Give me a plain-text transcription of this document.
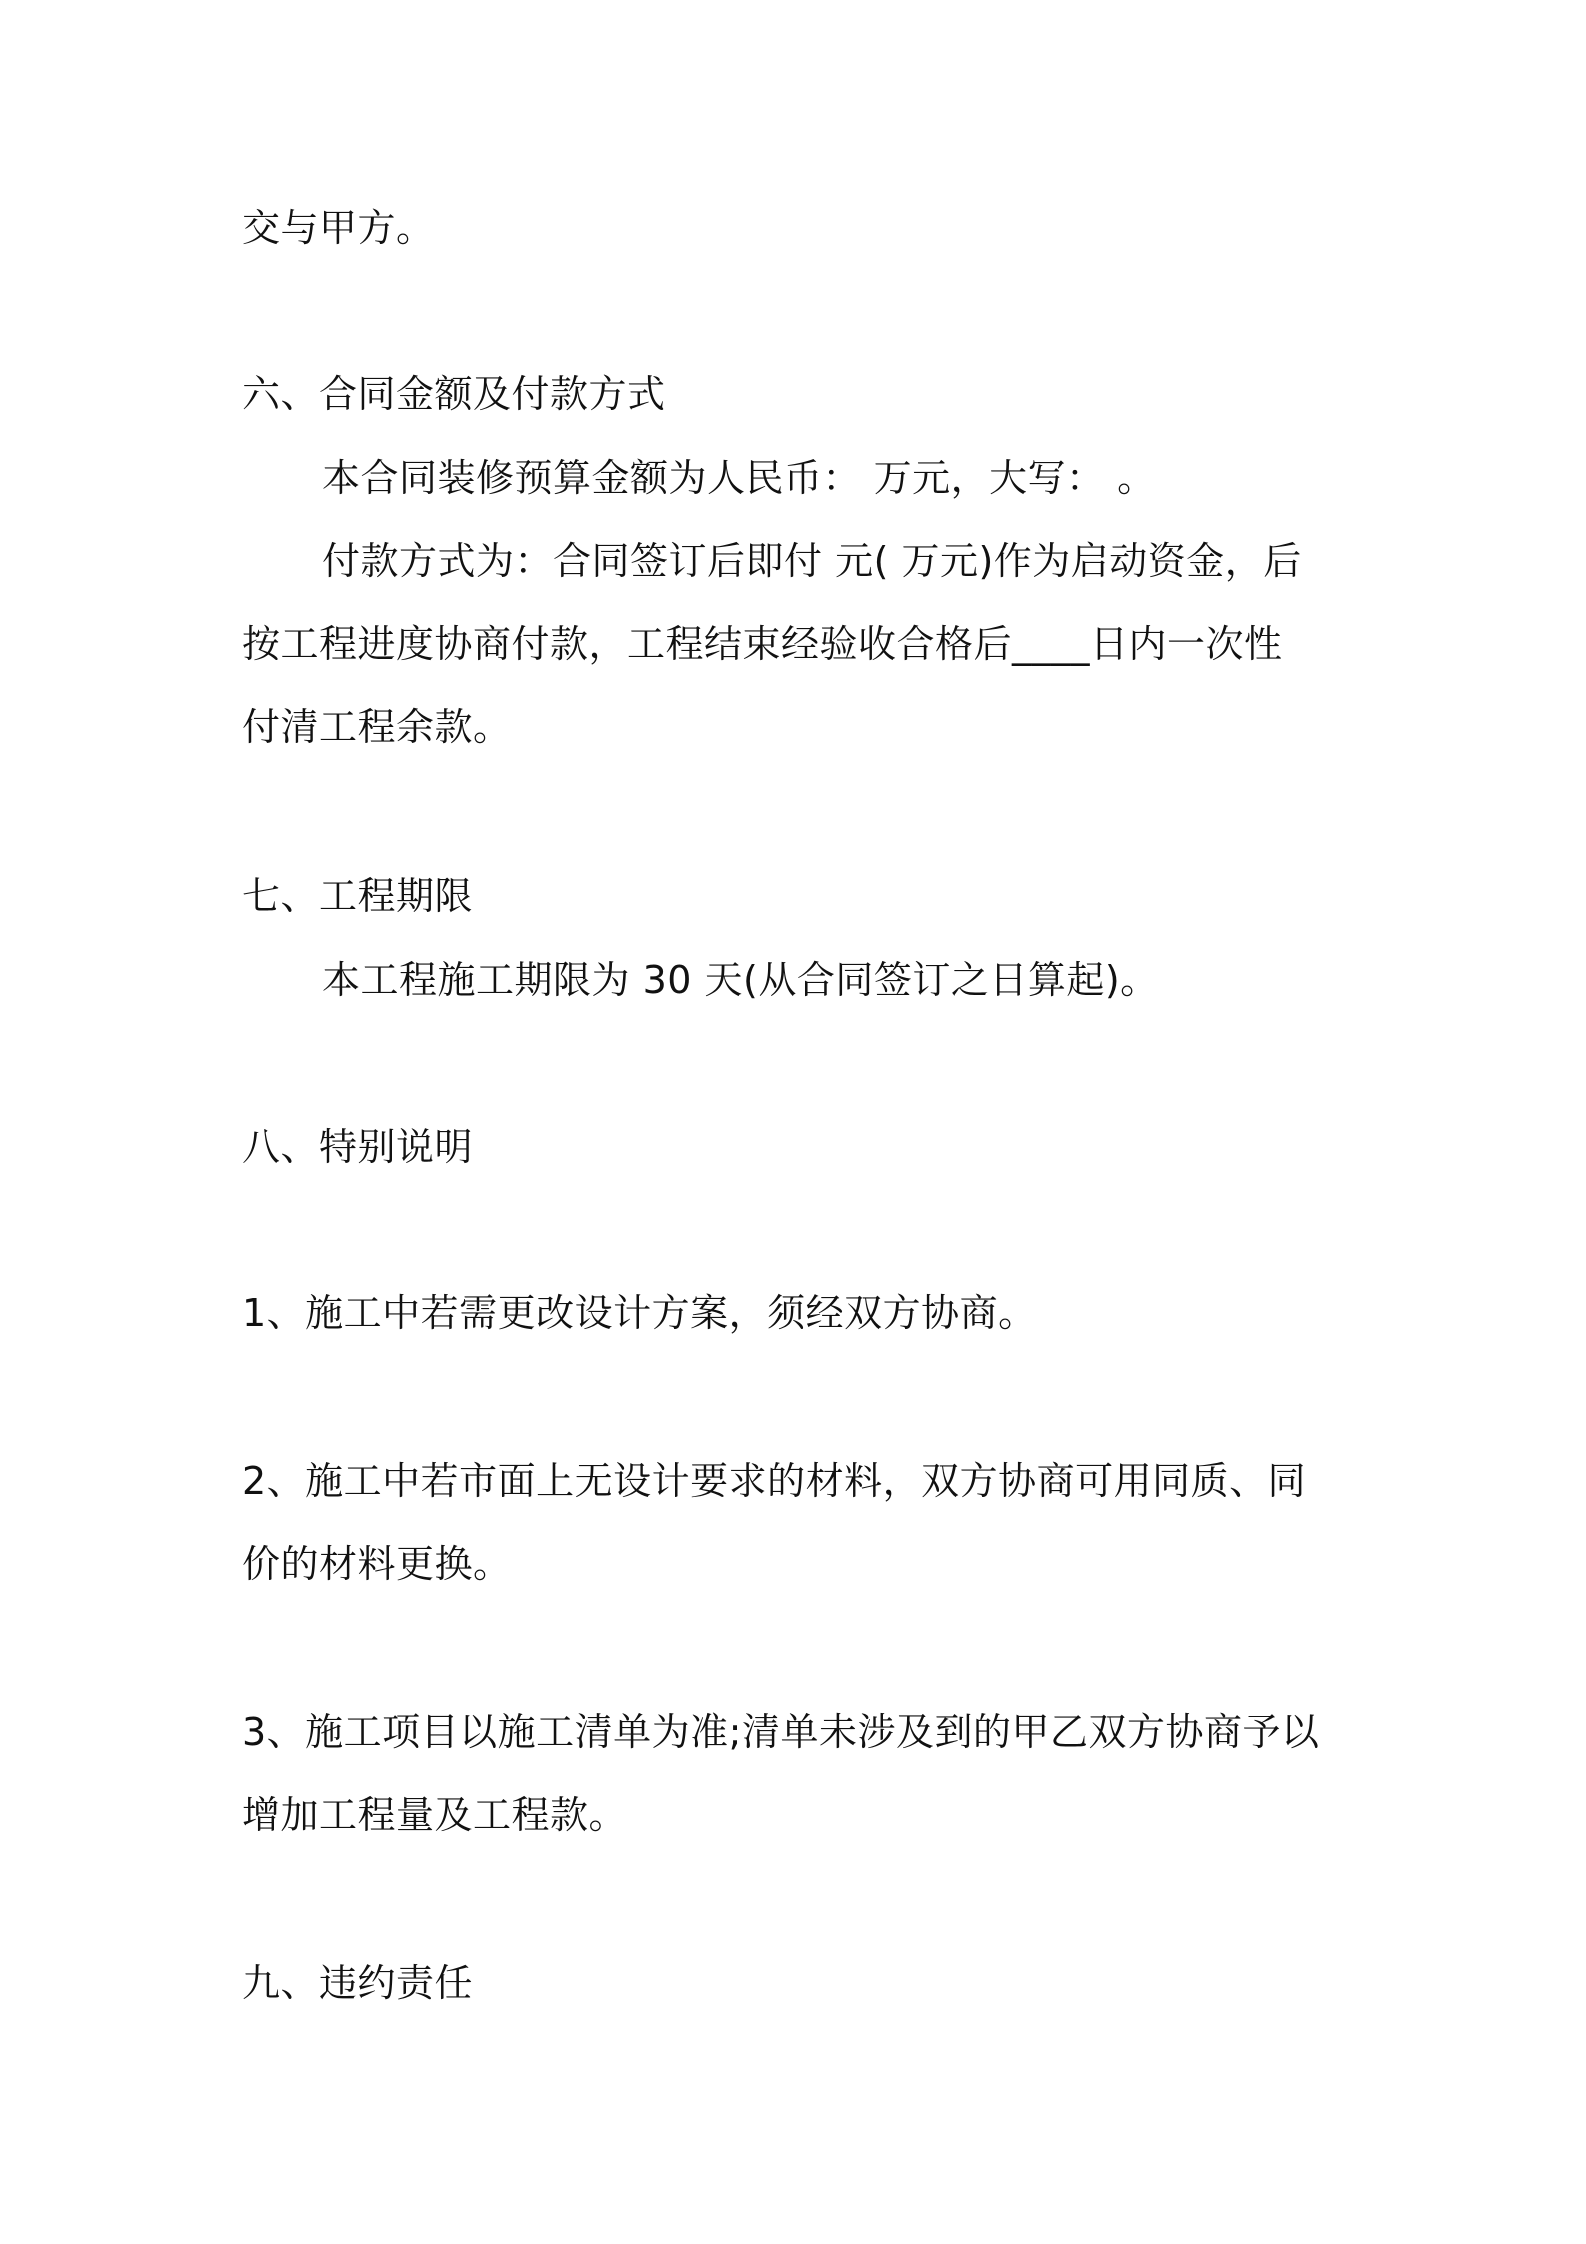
交与甲方。
六、合同金额及付款方式
本合同装修预算金额为人民币： 万元，大写： 。
付款方式为：合同签订后即付 元( 万元)作为启动资金，后
按工程进度协商付款，工程结束经验收合格后____日内一次性
付清工程余款。
七、工程期限
本工程施工期限为 30 天(从合同签订之日算起)。
八、特别说明
1、施工中若需更改设计方案，须经双方协商。
2、施工中若市面上无设计要求的材料，双方协商可用同质、同
价的材料更换。
3、施工项目以施工清单为准;清单未涉及到的甲乙双方协商予以
增加工程量及工程款。
九、违约责任
